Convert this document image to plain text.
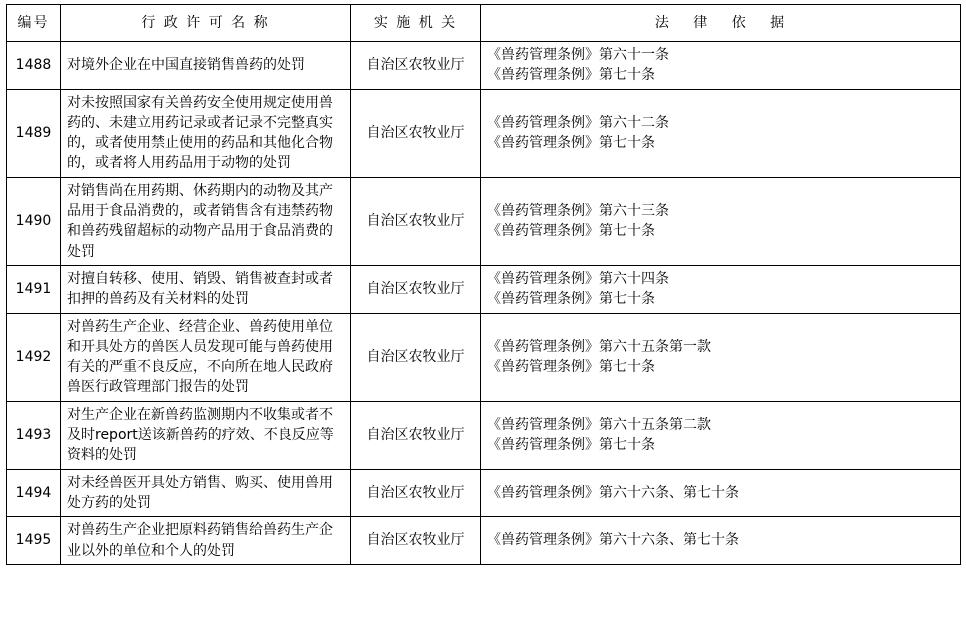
编号	行 政 许 可 名 称	实 施 机 关	法 　律 　依 　据
1488	对境外企业在中国直接销售兽药的处罚	自治区农牧业厅	《兽药管理条例》第六十一条
《兽药管理条例》第七十条

1489	对未按照国家有关兽药安全使用规定使用兽药的、未建立用药记录或者记录不完整真实的，或者使用禁止使用的药品和其他化合物的，或者将人用药品用于动物的处罚	自治区农牧业厅	《兽药管理条例》第六十二条
《兽药管理条例》第七十条

1490	对销售尚在用药期、休药期内的动物及其产品用于食品消费的，或者销售含有违禁药物和兽药残留超标的动物产品用于食品消费的处罚	自治区农牧业厅	《兽药管理条例》第六十三条
《兽药管理条例》第七十条

1491	对擅自转移、使用、销毁、销售被查封或者扣押的兽药及有关材料的处罚	自治区农牧业厅	《兽药管理条例》第六十四条
《兽药管理条例》第七十条

1492	对兽药生产企业、经营企业、兽药使用单位和开具处方的兽医人员发现可能与兽药使用有关的严重不良反应，不向所在地人民政府兽医行政管理部门报告的处罚	自治区农牧业厅	《兽药管理条例》第六十五条第一款
《兽药管理条例》第七十条

1493	对生产企业在新兽药监测期内不收集或者不及时report送该新兽药的疗效、不良反应等资料的处罚	自治区农牧业厅	《兽药管理条例》第六十五条第二款
《兽药管理条例》第七十条

1494	对未经兽医开具处方销售、购买、使用兽用处方药的处罚	自治区农牧业厅	《兽药管理条例》第六十六条、第七十条

1495	对兽药生产企业把原料药销售给兽药生产企业以外的单位和个人的处罚	自治区农牧业厅	《兽药管理条例》第六十六条、第七十条
